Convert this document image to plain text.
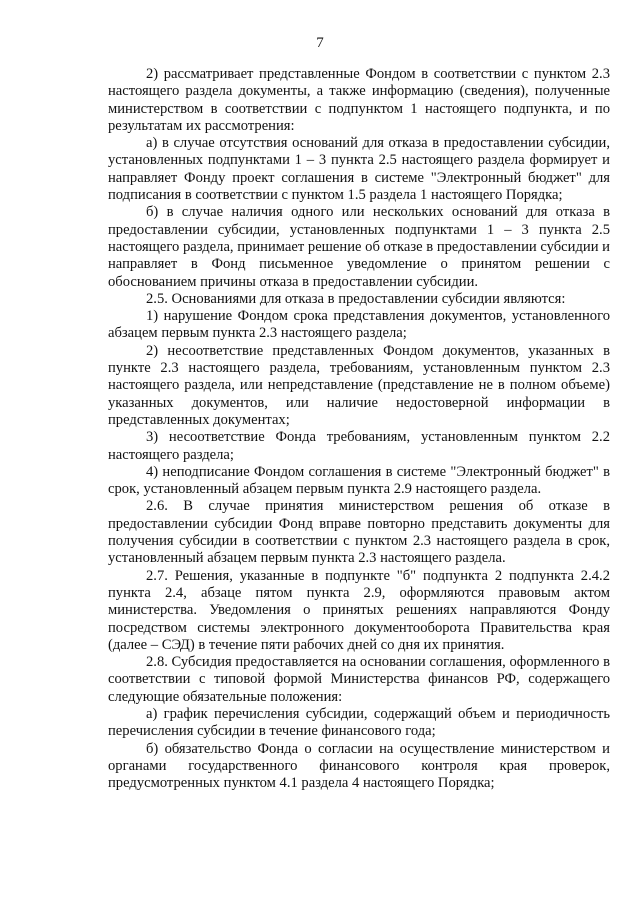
7

2) рассматривает представленные Фондом в соответствии с пунктом 2.3 настоящего раздела документы, а также информацию (сведения), полученные министерством в соответствии с подпунктом 1 настоящего подпункта, и по результатам их рассмотрения:

а) в случае отсутствия оснований для отказа в предоставлении субсидии, установленных подпунктами 1 – 3 пункта 2.5 настоящего раздела формирует и направляет Фонду проект соглашения в системе "Электронный бюджет" для подписания в соответствии с пунктом 1.5 раздела 1 настоящего Порядка;

б) в случае наличия одного или нескольких оснований для отказа в предоставлении субсидии, установленных подпунктами 1 – 3 пункта 2.5 настоящего раздела, принимает решение об отказе в предоставлении субсидии и направляет в Фонд письменное уведомление о принятом решении с обоснованием причины отказа в предоставлении субсидии.

2.5. Основаниями для отказа в предоставлении субсидии являются:

1) нарушение Фондом срока представления документов, установленного абзацем первым пункта 2.3 настоящего раздела;

2) несоответствие представленных Фондом документов, указанных в пункте 2.3 настоящего раздела, требованиям, установленным пунктом 2.3 настоящего раздела, или непредставление (представление не в полном объеме) указанных документов, или наличие недостоверной информации в представленных документах;

3) несоответствие Фонда требованиям, установленным пунктом 2.2 настоящего раздела;

4) неподписание Фондом соглашения в системе "Электронный бюджет" в срок, установленный абзацем первым пункта 2.9 настоящего раздела.

2.6. В случае принятия министерством решения об отказе в предоставлении субсидии Фонд вправе повторно представить документы для получения субсидии в соответствии с пунктом 2.3 настоящего раздела в срок, установленный абзацем первым пункта 2.3 настоящего раздела.

2.7. Решения, указанные в подпункте "б" подпункта 2 подпункта 2.4.2 пункта 2.4, абзаце пятом пункта 2.9, оформляются правовым актом министерства. Уведомления о принятых решениях направляются Фонду посредством системы электронного документооборота Правительства края (далее – СЭД) в течение пяти рабочих дней со дня их принятия.

2.8. Субсидия предоставляется на основании соглашения, оформленного в соответствии с типовой формой Министерства финансов РФ, содержащего следующие обязательные положения:

а) график перечисления субсидии, содержащий объем и периодичность перечисления субсидии в течение финансового года;

б) обязательство Фонда о согласии на осуществление министерством и органами государственного финансового контроля края проверок, предусмотренных пунктом 4.1 раздела 4 настоящего Порядка;
